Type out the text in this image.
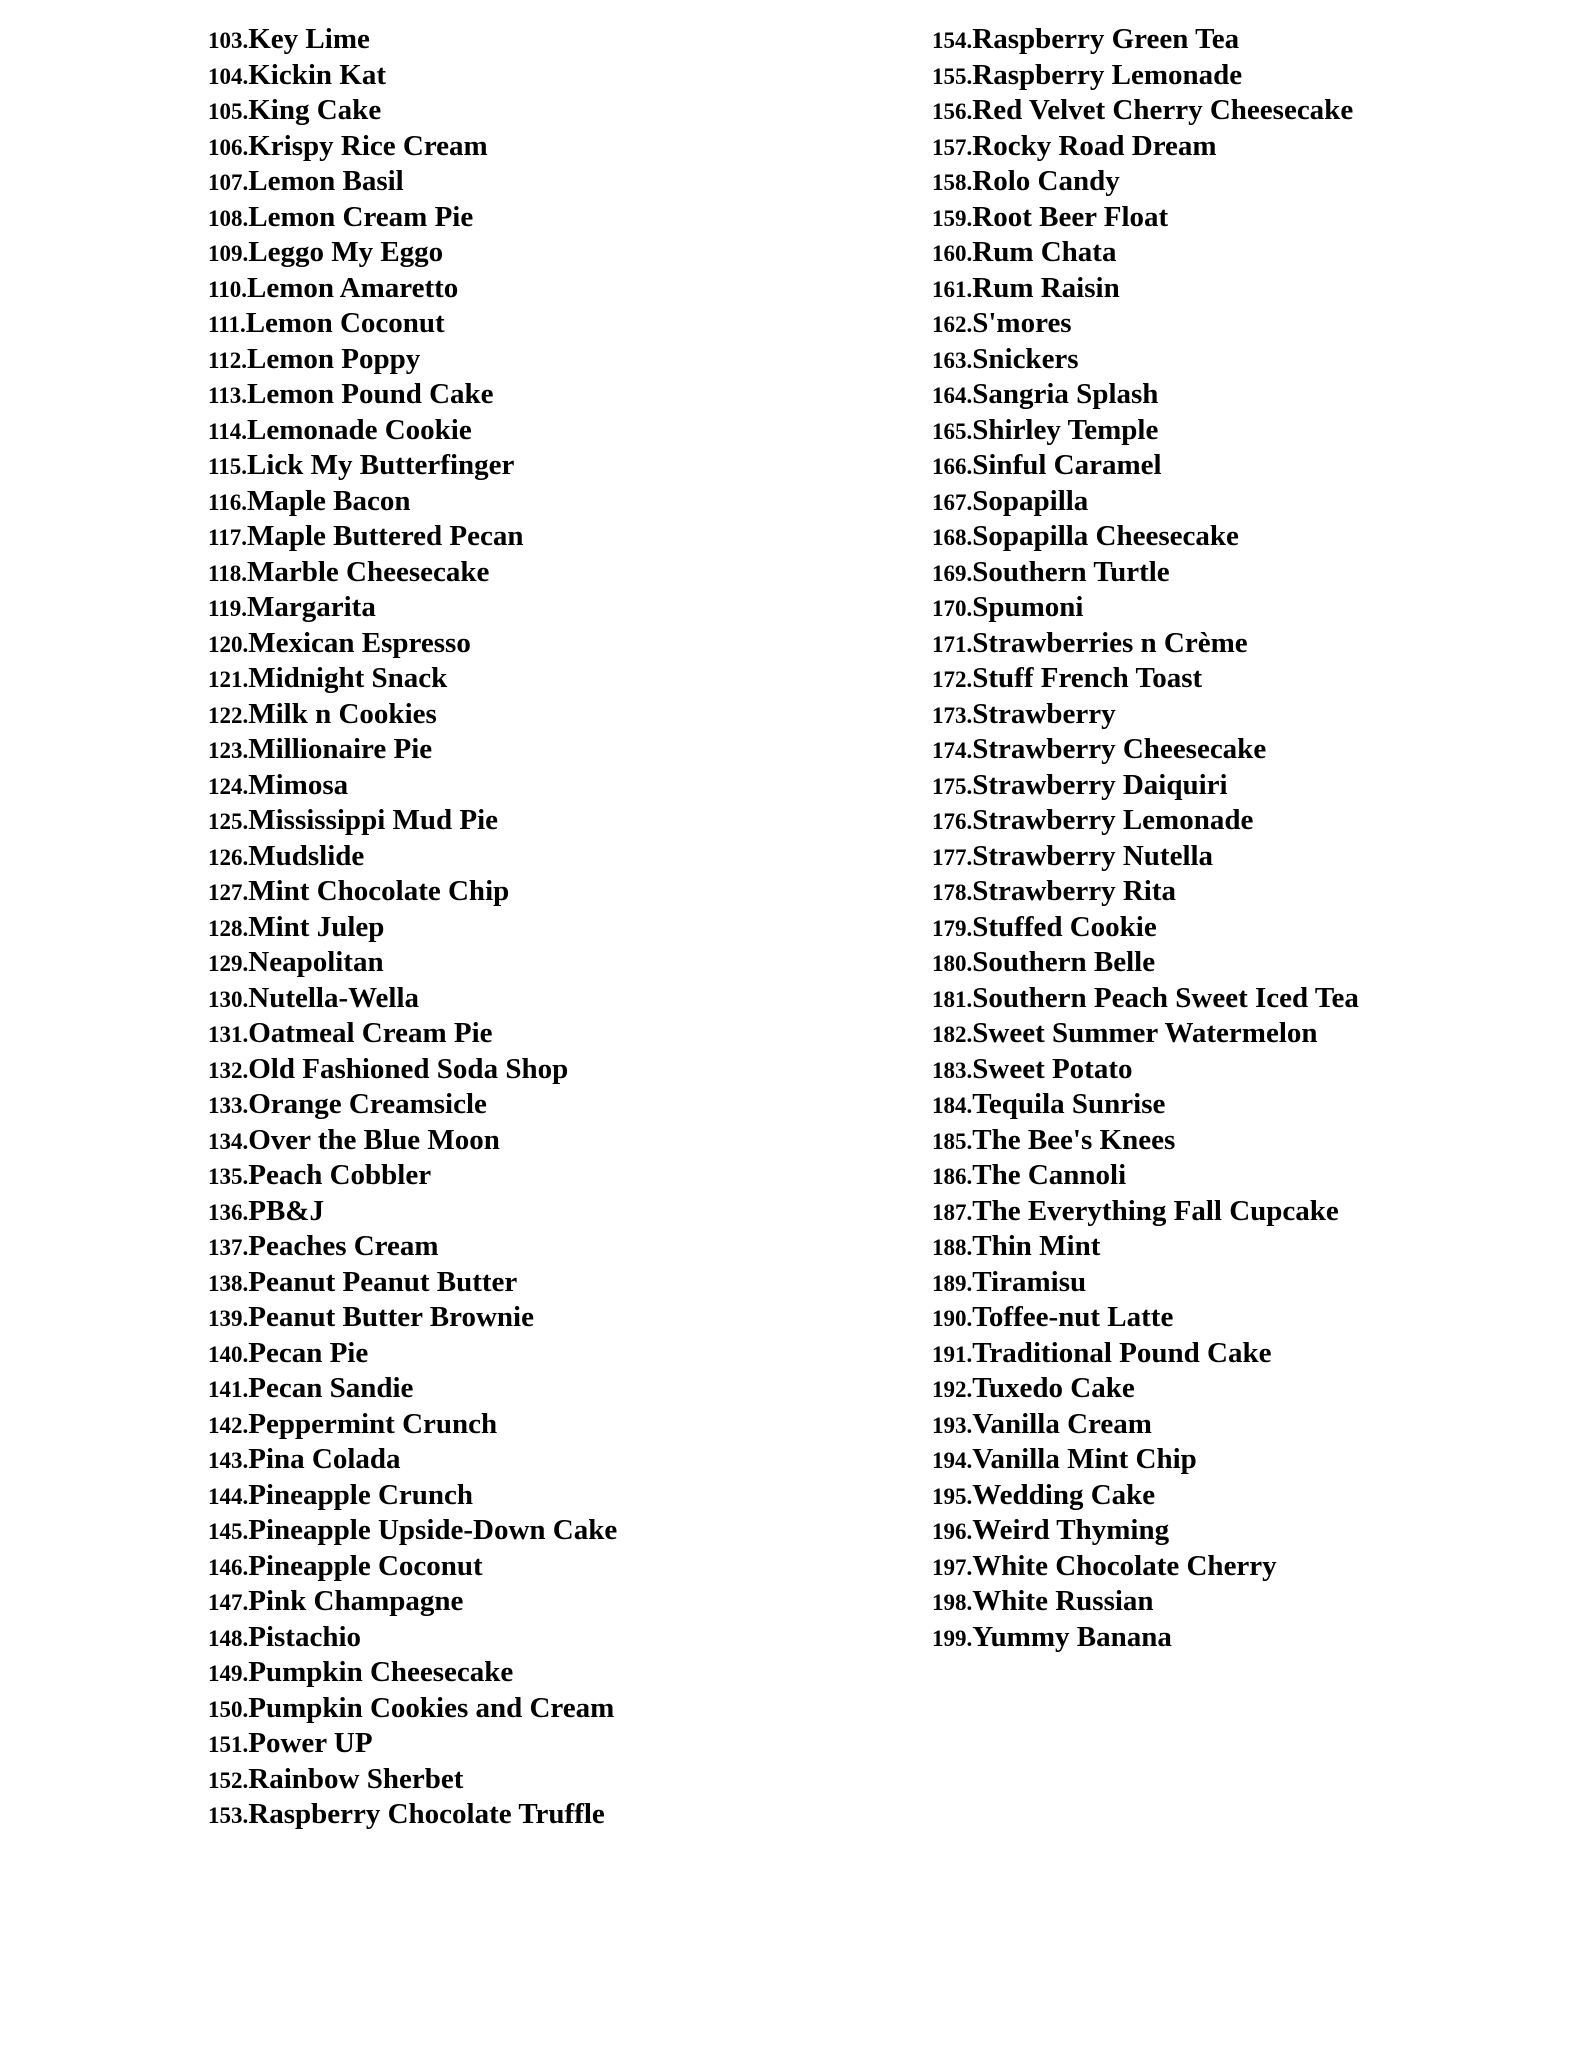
103.Key Lime
104.Kickin Kat
105.King Cake
106.Krispy Rice Cream
107.Lemon Basil
108.Lemon Cream Pie
109.Leggo My Eggo
110.Lemon Amaretto
111.Lemon Coconut
112.Lemon Poppy
113.Lemon Pound Cake
114.Lemonade Cookie
115.Lick My Butterfinger
116.Maple Bacon
117.Maple Buttered Pecan
118.Marble Cheesecake
119.Margarita
120.Mexican Espresso
121.Midnight Snack
122.Milk n Cookies
123.Millionaire Pie
124.Mimosa
125.Mississippi Mud Pie
126.Mudslide
127.Mint Chocolate Chip
128.Mint Julep
129.Neapolitan
130.Nutella-Wella
131.Oatmeal Cream Pie
132.Old Fashioned Soda Shop
133.Orange Creamsicle
134.Over the Blue Moon
135.Peach Cobbler
136.PB&J
137.Peaches Cream
138.Peanut Peanut Butter
139.Peanut Butter Brownie
140.Pecan Pie
141.Pecan Sandie
142.Peppermint Crunch
143.Pina Colada
144.Pineapple Crunch
145.Pineapple Upside-Down Cake
146.Pineapple Coconut
147.Pink Champagne
148.Pistachio
149.Pumpkin Cheesecake
150.Pumpkin Cookies and Cream
151.Power UP
152.Rainbow Sherbet
153.Raspberry Chocolate Truffle
154.Raspberry Green Tea
155.Raspberry Lemonade
156.Red Velvet Cherry Cheesecake
157.Rocky Road Dream
158.Rolo Candy
159.Root Beer Float
160.Rum Chata
161.Rum Raisin
162.S'mores
163.Snickers
164.Sangria Splash
165.Shirley Temple
166.Sinful Caramel
167.Sopapilla
168.Sopapilla Cheesecake
169.Southern Turtle
170.Spumoni
171.Strawberries n Crème
172.Stuff French Toast
173.Strawberry
174.Strawberry Cheesecake
175.Strawberry Daiquiri
176.Strawberry Lemonade
177.Strawberry Nutella
178.Strawberry Rita
179.Stuffed Cookie
180.Southern Belle
181.Southern Peach Sweet Iced Tea
182.Sweet Summer Watermelon
183.Sweet Potato
184.Tequila Sunrise
185.The Bee's Knees
186.The Cannoli
187.The Everything Fall Cupcake
188.Thin Mint
189.Tiramisu
190.Toffee-nut Latte
191.Traditional Pound Cake
192.Tuxedo Cake
193.Vanilla Cream
194.Vanilla Mint Chip
195.Wedding Cake
196.Weird Thyming
197.White Chocolate Cherry
198.White Russian
199.Yummy Banana
